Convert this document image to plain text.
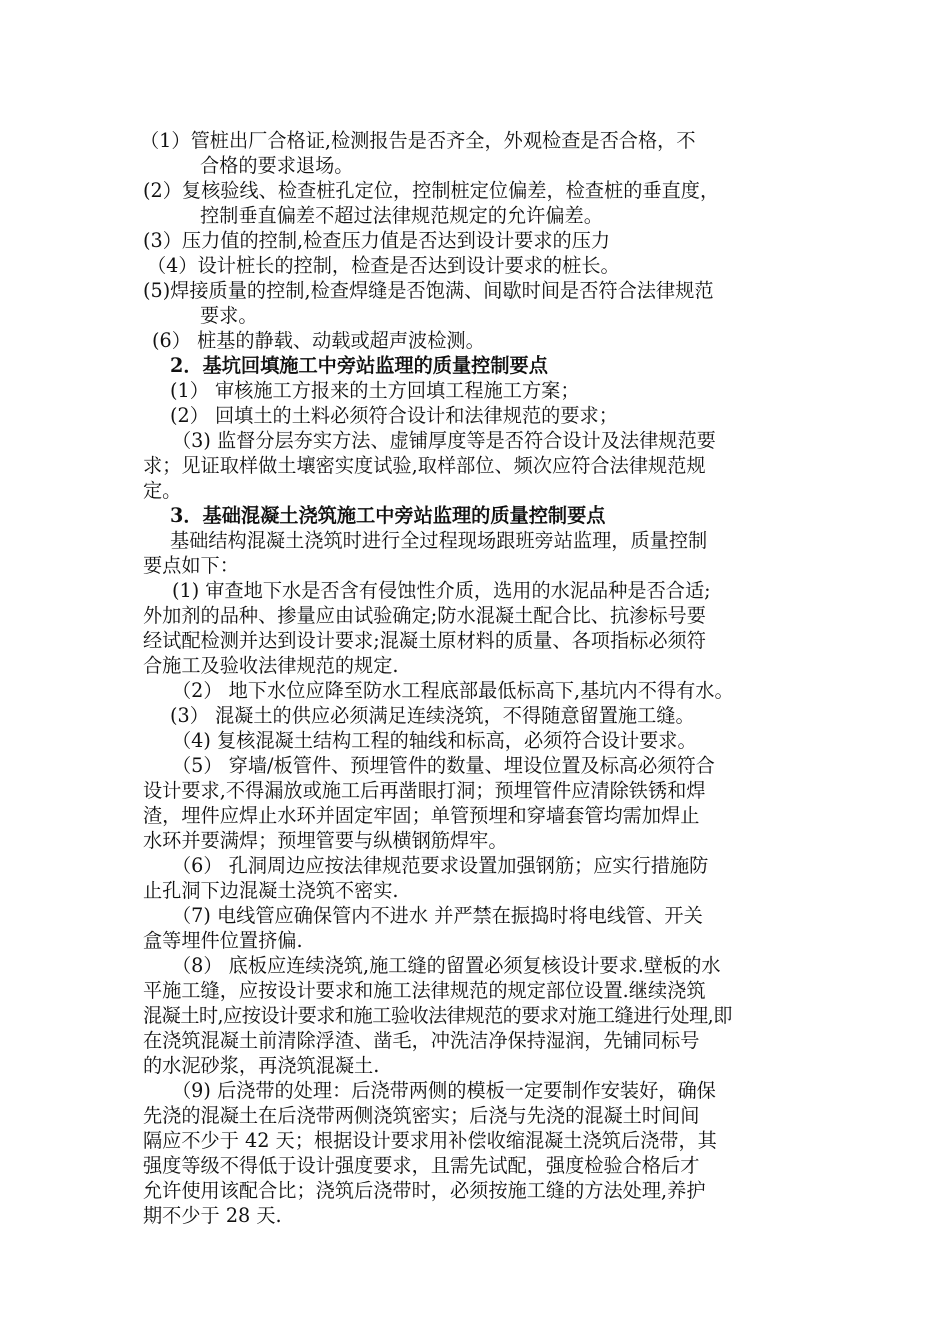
（1）管桩出厂合格证,检测报告是否齐全，外观检查是否合格，不

合格的要求退场。

(2）复核验线、检查桩孔定位，控制桩定位偏差，检查桩的垂直度，

控制垂直偏差不超过法律规范规定的允许偏差。

(3）压力值的控制,检查压力值是否达到设计要求的压力

（4）设计桩长的控制，检查是否达到设计要求的桩长。

(5)焊接质量的控制,检查焊缝是否饱满、间歇时间是否符合法律规范

要求。

(6） 桩基的静载、动载或超声波检测。

2．基坑回填施工中旁站监理的质量控制要点

(1） 审核施工方报来的土方回填工程施工方案；

(2） 回填土的土料必须符合设计和法律规范的要求；

（3) 监督分层夯实方法、虚铺厚度等是否符合设计及法律规范要

求；见证取样做土壤密实度试验,取样部位、频次应符合法律规范规

定。

3．基础混凝土浇筑施工中旁站监理的质量控制要点

基础结构混凝土浇筑时进行全过程现场跟班旁站监理，质量控制

要点如下：

(1) 审查地下水是否含有侵蚀性介质，选用的水泥品种是否合适;

外加剂的品种、掺量应由试验确定;防水混凝土配合比、抗渗标号要

经试配检测并达到设计要求;混凝土原材料的质量、各项指标必须符

合施工及验收法律规范的规定.

（2） 地下水位应降至防水工程底部最低标高下,基坑内不得有水。

(3） 混凝土的供应必须满足连续浇筑，不得随意留置施工缝。

（4) 复核混凝土结构工程的轴线和标高，必须符合设计要求。

（5） 穿墙/板管件、预埋管件的数量、埋设位置及标高必须符合

设计要求,不得漏放或施工后再凿眼打洞；预埋管件应清除铁锈和焊

渣，埋件应焊止水环并固定牢固；单管预埋和穿墙套管均需加焊止

水环并要满焊；预埋管要与纵横钢筋焊牢。

（6） 孔洞周边应按法律规范要求设置加强钢筋；应实行措施防

止孔洞下边混凝土浇筑不密实.

（7) 电线管应确保管内不进水 并严禁在振捣时将电线管、开关

盒等埋件位置挤偏.

（8） 底板应连续浇筑,施工缝的留置必须复核设计要求.壁板的水

平施工缝，应按设计要求和施工法律规范的规定部位设置.继续浇筑

混凝土时,应按设计要求和施工验收法律规范的要求对施工缝进行处理,即

在浇筑混凝土前清除浮渣、凿毛，冲洗洁净保持湿润，先铺同标号

的水泥砂浆，再浇筑混凝土.

（9) 后浇带的处理：后浇带两侧的模板一定要制作安装好，确保

先浇的混凝土在后浇带两侧浇筑密实；后浇与先浇的混凝土时间间

隔应不少于 42 天；根据设计要求用补偿收缩混凝土浇筑后浇带，其

强度等级不得低于设计强度要求，且需先试配，强度检验合格后才

允许使用该配合比；浇筑后浇带时，必须按施工缝的方法处理,养护

期不少于 28 天.
